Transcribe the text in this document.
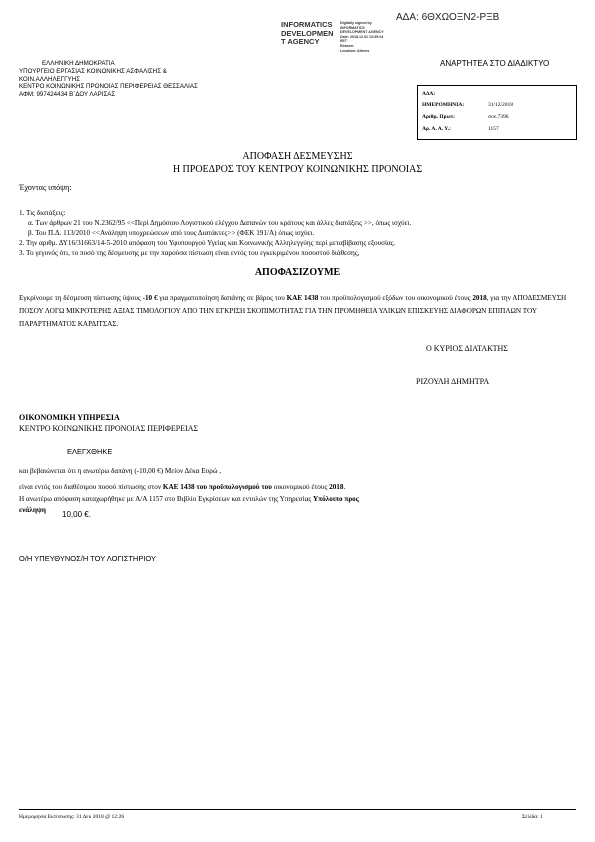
ΑΔΑ: 6ΘΧΩΟΞΝ2-ΡΞΒ
INFORMATICS
DEVELOPMEN
T AGENCY
Digitally signed by
INFORMATICS
DEVELOPMENT AGENCY
Date: 2018.12.31 13:39:04
EET
Reason:
Location: Athens
ΑΝΑΡΤΗΤΕΑ ΣΤΟ ΔΙΑΔΙΚΤΥΟ
ΕΛΛΗΝΙΚΗ ΔΗΜΟΚΡΑΤΙΑ
ΥΠΟΥΡΓΕΙΟ ΕΡΓΑΣΙΑΣ ΚΟΙΝΩΝΙΚΗΣ ΑΣΦΑΛΙΣΗΣ &
ΚΟΙΝ.ΑΛΛΗΛΕΓΓΥΗΣ
ΚΕΝΤΡΟ ΚΟΙΝΩΝΙΚΗΣ ΠΡΟΝΟΙΑΣ ΠΕΡΙΦΕΡΕΙΑΣ ΘΕΣΣΑΛΙΑΣ
ΑΦΜ: 997424434 Β΄ΔΟΥ ΛΑΡΙΣΑΣ	ΑΔΑ:
ΗΜΕΡΟΜΗΝΙΑ:	31/12/2018
Αριθμ. Πρωτ:	συν.7396
Αρ. Α. Α. Υ.:	1157
ΑΠΟΦΑΣΗ ΔΕΣΜΕΥΣΗΣ
Η ΠΡΟΕΔΡΟΣ ΤΟΥ ΚΕΝΤΡΟΥ ΚΟΙΝΩΝΙΚΗΣ ΠΡΟΝΟΙΑΣ
Έχοντας υπόψη:
1. Τις διατάξεις:
α. Των άρθρων 21 του Ν.2362/95 <<Περί Δημόσιου Λογιστικού ελέγχου Δαπανών του κράτους και άλλες διατάξεις >>, όπως ισχύει.
β. Του Π.Δ. 113/2010 <<Ανάληψη υποχρεώσεων από τους Διατάκτες>> (ΦΕΚ 191/Α) όπως ισχύει.
2. Την αριθμ. ΔΥ16/31663/14-5-2010 απόφαση του Υφυπουργού Υγείας και Κοινωνικής Αλληλεγγύης περί μεταβίβασης εξουσίας.
3. Το γεγονός ότι, το ποσό της δέσμευσης με την παρούσα πίστωση είναι εντός του εγκεκριμένου ποσοστού διάθεσης,
ΑΠΟΦΑΣΙΖΟΥΜΕ
Εγκρίνουμε τη δέσμευση πίστωσης ύψους -10 € για πραγματοποίηση δαπάνης σε βάρος του ΚΑΕ 1438 του προϋπολογισμού εξόδων του οικονομικού έτους 2018, για την ΑΠΟΔΕΣΜΕΥΣΗ ΠΟΣΟΥ ΛΟΓΩ ΜΙΚΡΟΤΕΡΗΣ ΑΞΙΑΣ ΤΙΜΟΛΟΓΙΟΥ ΑΠΟ ΤΗΝ ΕΓΚΡΙΣΗ ΣΚΟΠΙΜΟΤΗΤΑΣ ΓΙΑ ΤΗΝ ΠΡΟΜΗΘΕΙΑ ΥΛΙΚΩΝ ΕΠΙΣΚΕΥΗΣ ΔΙΑΦΟΡΩΝ ΕΠΙΠΛΩΝ ΤΟΥ ΠΑΡΑΡΤΗΜΑΤΟΣ ΚΑΡΔΙΤΣΑΣ.
Ο ΚΥΡΙΟΣ ΔΙΑΤΑΚΤΗΣ
ΡΙΖΟΥΛΗ ΔΗΜΗΤΡΑ
ΟΙΚΟΝΟΜΙΚΗ ΥΠΗΡΕΣΙΑ
ΚΕΝΤΡΟ ΚΟΙΝΩΝΙΚΗΣ ΠΡΟΝΟΙΑΣ ΠΕΡΙΦΕΡΕΙΑΣ
ΕΛΕΓΧΘΗΚΕ
και βεβαιώνεται ότι η ανωτέρω δαπάνη (-10,00 €) Μείον Δέκα Ευρώ ,
είναι εντός του διαθέσιμου ποσού πίστωσης στον ΚΑΕ 1438 του προϋπολογισμού του οικονομικού έτους 2018.
Η ανωτέρω απόφαση καταχωρήθηκε με Α/Α 1157 στο Βιβλίο Εγκρίσεων και εντολών της Υπηρεσίας Υπόλοιπο προς
ενάληψη 10,00 €.
Ο/Η ΥΠΕΥΘΥΝΟΣ/Η ΤΟΥ ΛΟΓΙΣΤΗΡΙΟΥ
Ημερομηνία Εκτύπωσης: 31 Δεκ 2018 @ 12:26	Σελίδα: 1
